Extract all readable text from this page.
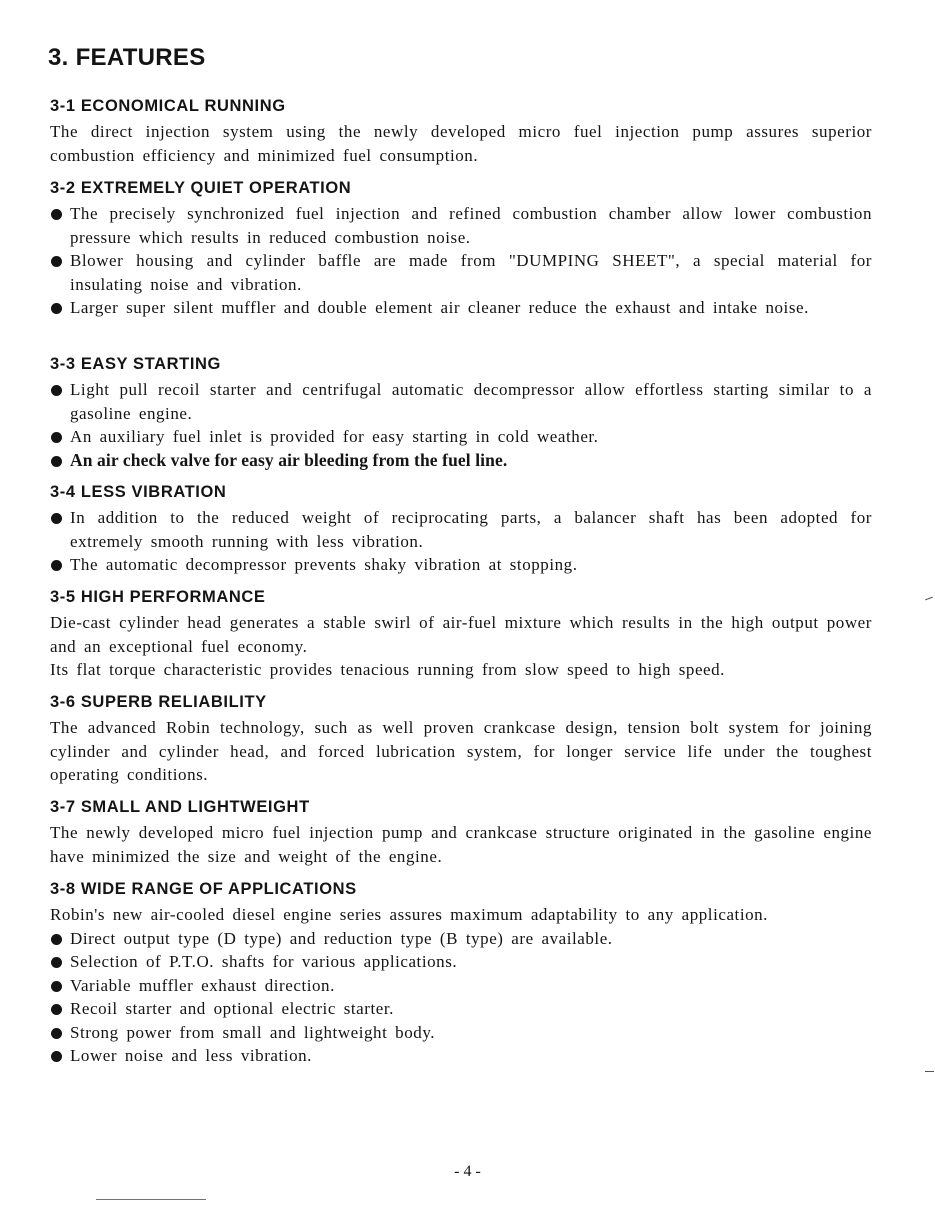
3. FEATURES
3-1 ECONOMICAL RUNNING

The direct injection system using the newly developed micro fuel injection pump assures superior combustion efficiency and minimized fuel consumption.

3-2 EXTREMELY QUIET OPERATION

The precisely synchronized fuel injection and refined combustion chamber allow lower combustion pressure which results in reduced combustion noise.

Blower housing and cylinder baffle are made from "DUMPING SHEET", a special material for insulating noise and vibration.

Larger super silent muffler and double element air cleaner reduce the exhaust and intake noise.

3-3 EASY STARTING

Light pull recoil starter and centrifugal automatic decompressor allow effortless starting similar to a gasoline engine.

An auxiliary fuel inlet is provided for easy starting in cold weather.

An air check valve for easy air bleeding from the fuel line.

3-4 LESS VIBRATION

In addition to the reduced weight of reciprocating parts, a balancer shaft has been adopted for extremely smooth running with less vibration.

The automatic decompressor prevents shaky vibration at stopping.

3-5 HIGH PERFORMANCE

Die-cast cylinder head generates a stable swirl of air-fuel mixture which results in the high output power and an exceptional fuel economy.

Its flat torque characteristic provides tenacious running from slow speed to high speed.

3-6 SUPERB RELIABILITY

The advanced Robin technology, such as well proven crankcase design, tension bolt system for joining cylinder and cylinder head, and forced lubrication system, for longer service life under the toughest operating conditions.

3-7 SMALL AND LIGHTWEIGHT

The newly developed micro fuel injection pump and crankcase structure originated in the gasoline engine have minimized the size and weight of the engine.

3-8 WIDE RANGE OF APPLICATIONS

Robin's new air-cooled diesel engine series assures maximum adaptability to any application.

Direct output type (D type) and reduction type (B type) are available.

Selection of P.T.O. shafts for various applications.

Variable muffler exhaust direction.

Recoil starter and optional electric starter.

Strong power from small and lightweight body.

Lower noise and less vibration.

- 4 -
